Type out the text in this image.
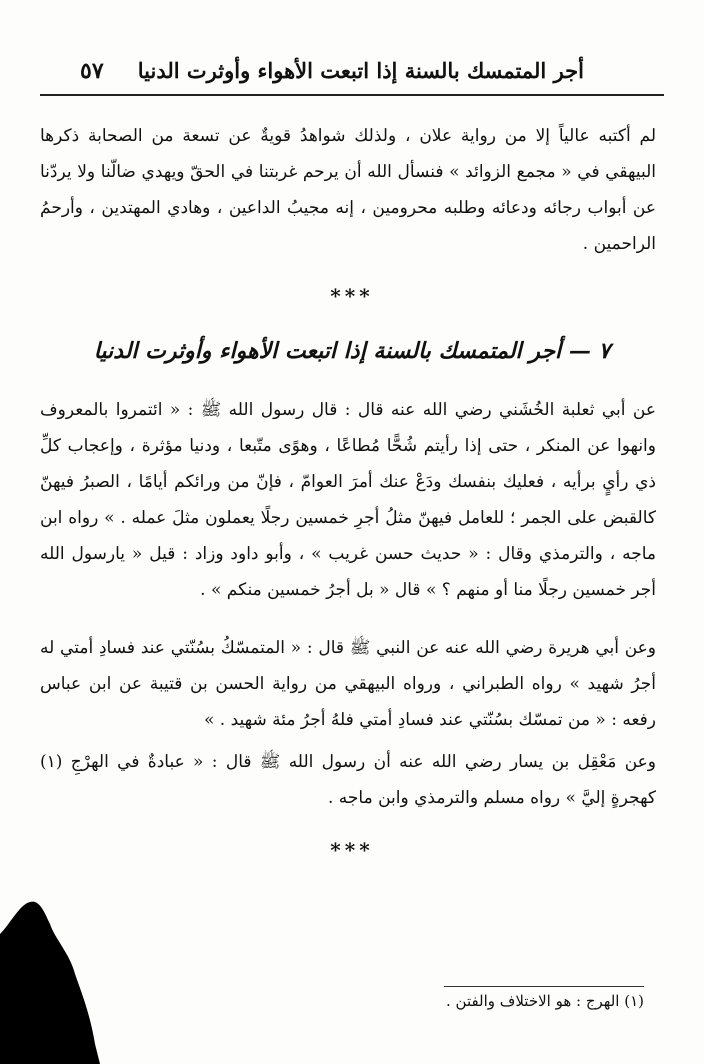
أجر المتمسك بالسنة إذا اتبعت الأهواء وأوثرت الدنيا
٥٧
لم أكتبه عالياً إلا من رواية علان ، ولذلك شواهدُ قويةٌ عن تسعة من الصحابة ذكرها البيهقي في « مجمع الزوائد » فنسأل الله أن يرحم غربتنا في الحقّ ويهدي ضالّنا ولا يردّنا عن أبواب رجائه ودعائه وطلبه محرومين ، إنه مجيبُ الداعين ، وهادي المهتدين ، وأرحمُ الراحمين .
***
٧ — أجر المتمسك بالسنة إذا اتبعت الأهواء وأوثرت الدنيا
عن أبي ثعلبة الخُشَني رضي الله عنه قال : قال رسول الله ﷺ : « ائتمروا بالمعروف وانهوا عن المنكر ، حتى إذا رأيتم شُحًّا مُطاعًا ، وهوًى متّبعا ، ودنيا مؤثرة ، وإعجاب كلِّ ذي رأيٍ برأيه ، فعليك بنفسك ودَعْ عنك أمرَ العوامّ ، فإنّ من ورائكم أيامًا ، الصبرُ فيهنّ كالقبض على الجمر ؛ للعامل فيهنّ مثلُ أجرِ خمسين رجلًا يعملون مثلَ عمله . » رواه ابن ماجه ، والترمذي وقال : « حديث حسن غريب » ، وأبو داود وزاد : قيل « يارسول الله أجر خمسين رجلًا منا أو منهم ؟ » قال « بل أجرُ خمسين منكم » .
وعن أبي هريرة رضي الله عنه عن النبي ﷺ قال : « المتمسّكُ بسُنّتي عند فسادِ أمتي له أجرُ شهيد » رواه الطبراني ، ورواه البيهقي من رواية الحسن بن قتيبة عن ابن عباس رفعه : « من تمسّك بسُنّتي عند فسادِ أمتي فلهُ أجرُ مئة شهيد . »
وعن مَعْقِل بن يسار رضي الله عنه أن رسول الله ﷺ قال : « عبادةٌ في الهرْجِ (١) كهجرةٍ إليَّ » رواه مسلم والترمذي وابن ماجه .
***
(١) الهرج : هو الاختلاف والفتن .
